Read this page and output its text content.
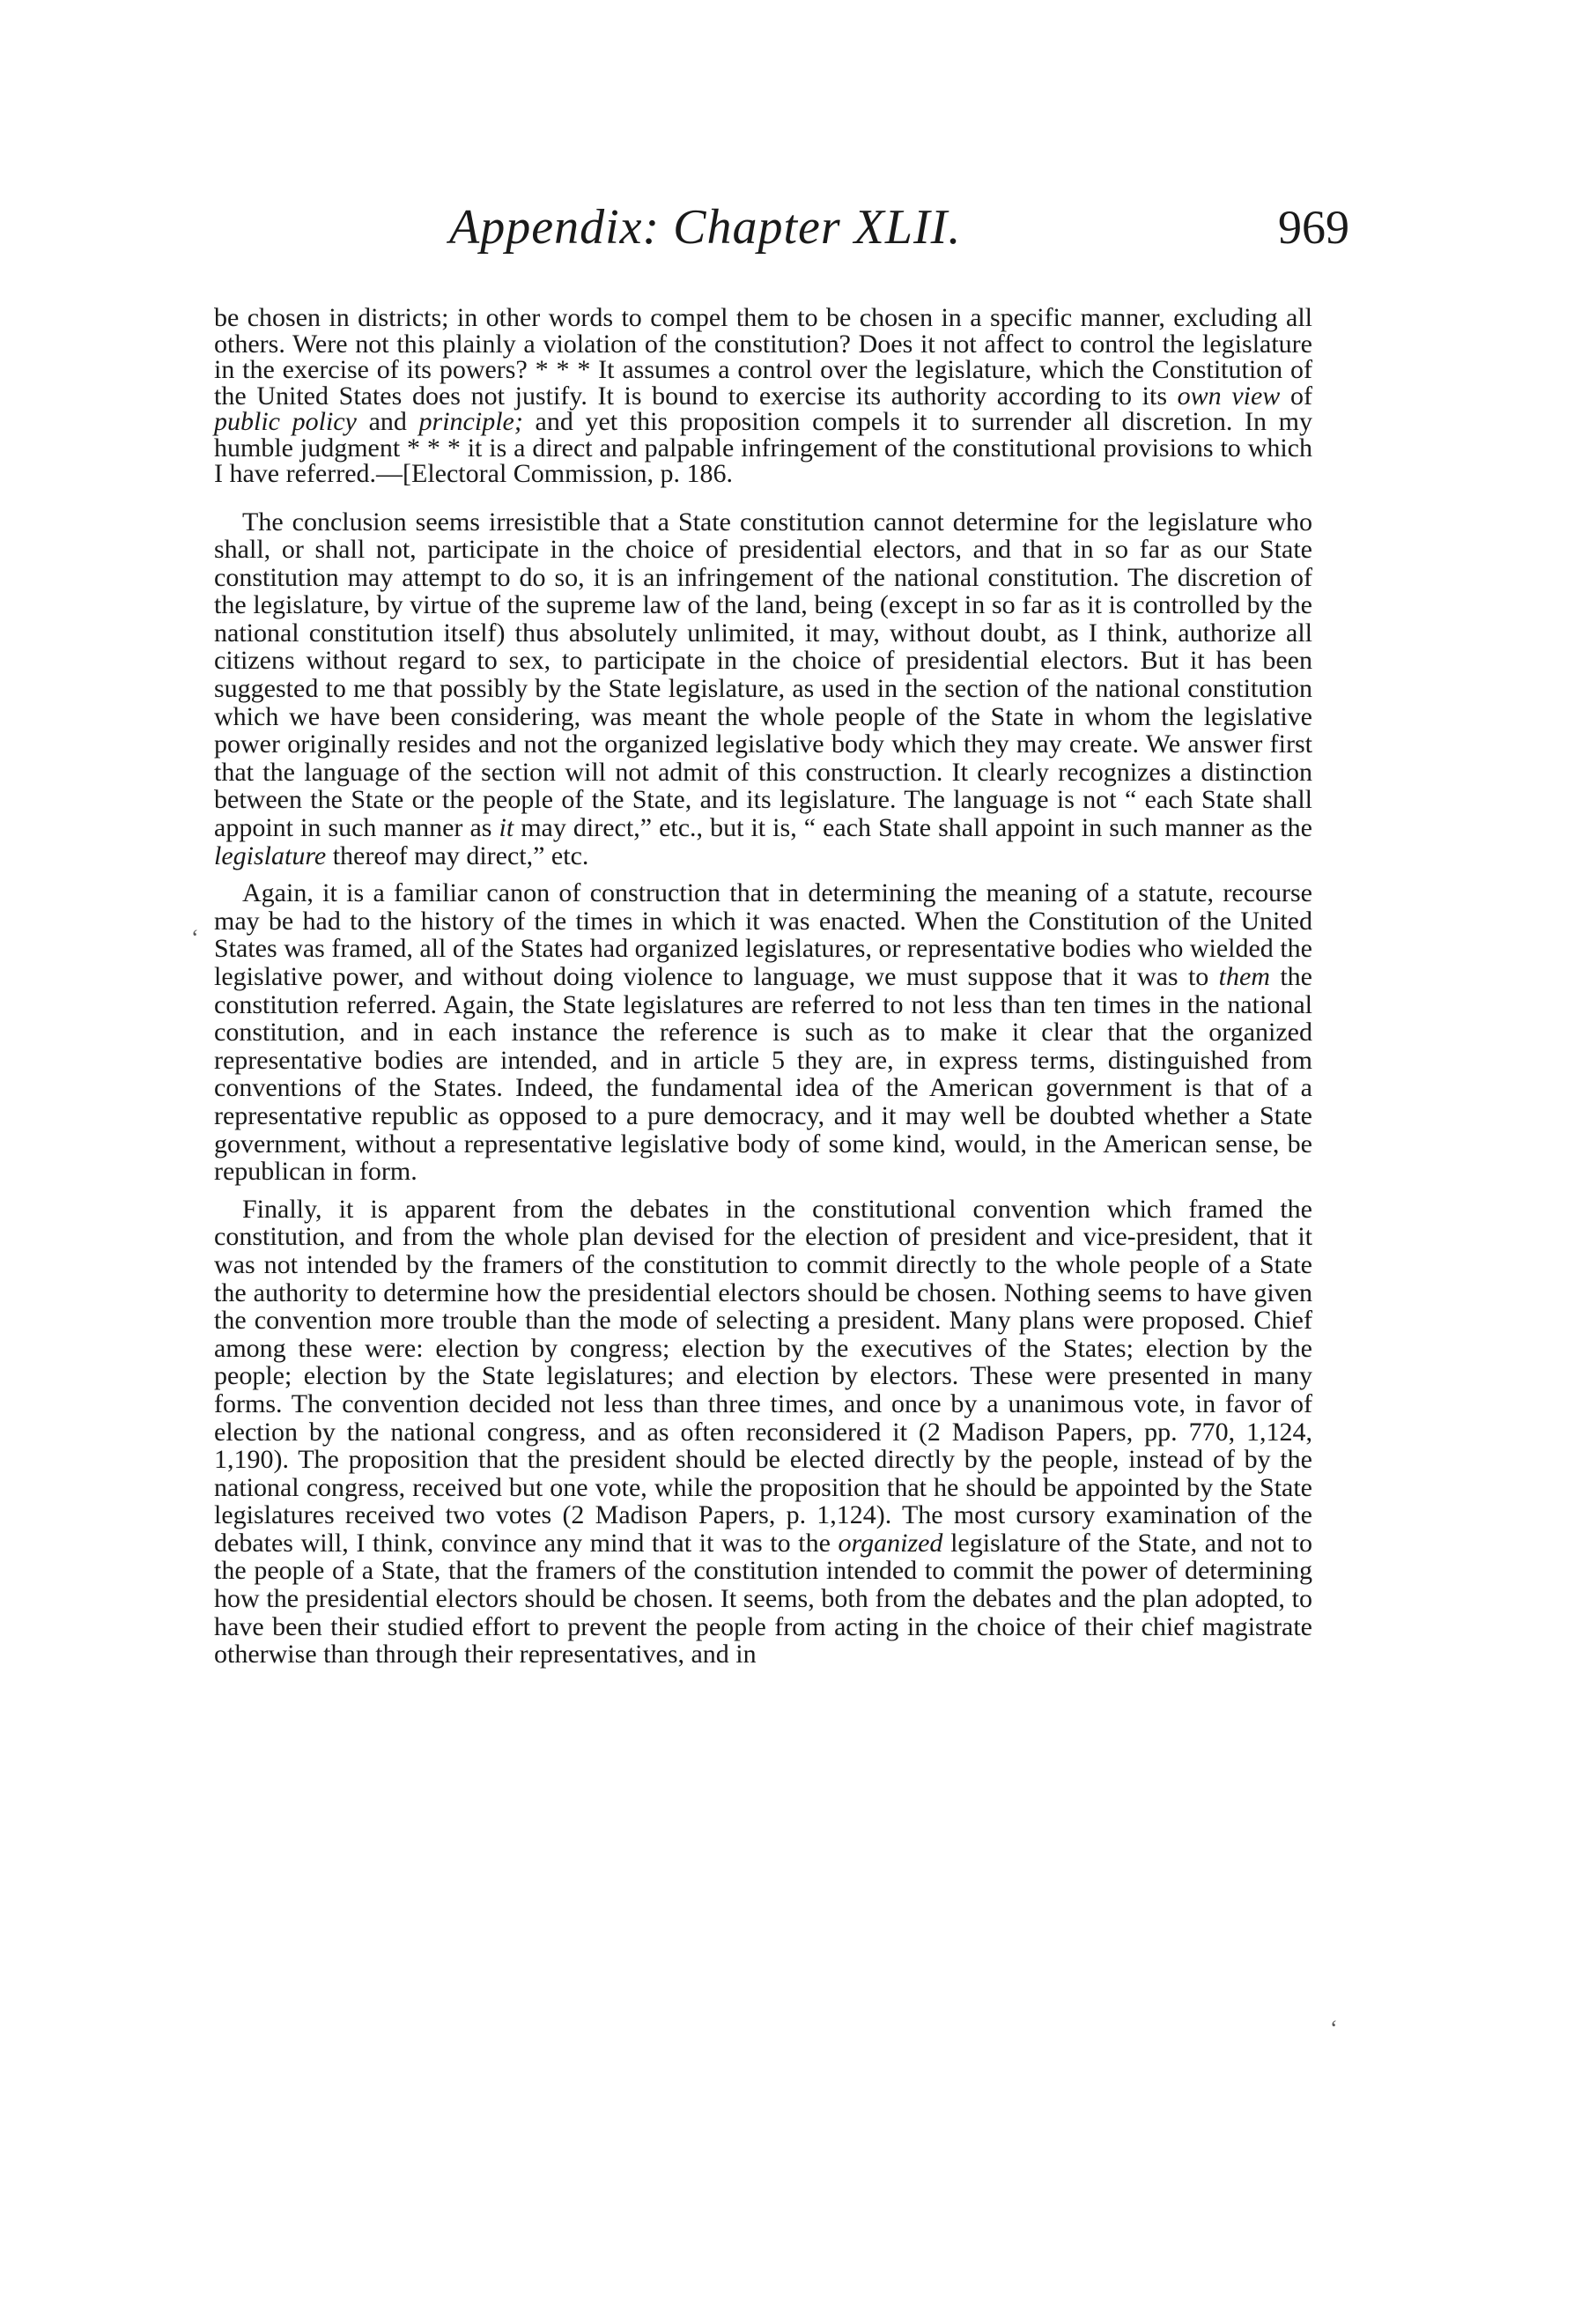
Appendix: Chapter XLII.	969

be chosen in districts; in other words to compel them to be chosen in a specific manner, excluding all others. Were not this plainly a violation of the constitution? Does it not affect to control the legislature in the exercise of its powers? * * * It assumes a control over the legislature, which the Constitution of the United States does not justify. It is bound to exercise its authority according to its own view of public policy and principle; and yet this proposition compels it to surrender all discretion. In my humble judgment * * * it is a direct and palpable infringement of the constitutional provisions to which I have referred.—[Electoral Commission, p. 186.

The conclusion seems irresistible that a State constitution cannot determine for the legislature who shall, or shall not, participate in the choice of presidential electors, and that in so far as our State constitution may attempt to do so, it is an infringement of the national constitution. The discretion of the legislature, by virtue of the supreme law of the land, being (except in so far as it is controlled by the national constitution itself) thus absolutely unlimited, it may, without doubt, as I think, authorize all citizens without regard to sex, to participate in the choice of presidential electors. But it has been suggested to me that possibly by the State legislature, as used in the section of the national constitution which we have been considering, was meant the whole people of the State in whom the legislative power originally resides and not the organized legislative body which they may create. We answer first that the language of the section will not admit of this construction. It clearly recognizes a distinction between the State or the people of the State, and its legislature. The language is not “ each State shall appoint in such manner as it may direct,” etc., but it is, “ each State shall appoint in such manner as the legislature thereof may direct,” etc.

Again, it is a familiar canon of construction that in determining the meaning of a statute, recourse may be had to the history of the times in which it was enacted. When the Constitution of the United States was framed, all of the States had organized legislatures, or representative bodies who wielded the legislative power, and without doing violence to language, we must suppose that it was to them the constitution referred. Again, the State legislatures are referred to not less than ten times in the national constitution, and in each instance the reference is such as to make it clear that the organized representative bodies are intended, and in article 5 they are, in express terms, distinguished from conventions of the States. Indeed, the fundamental idea of the American government is that of a representative republic as opposed to a pure democracy, and it may well be doubted whether a State government, without a representative legislative body of some kind, would, in the American sense, be republican in form.

Finally, it is apparent from the debates in the constitutional convention which framed the constitution, and from the whole plan devised for the election of president and vice-president, that it was not intended by the framers of the constitution to commit directly to the whole people of a State the authority to determine how the presidential electors should be chosen. Nothing seems to have given the convention more trouble than the mode of selecting a president. Many plans were proposed. Chief among these were: election by congress; election by the executives of the States; election by the people; election by the State legislatures; and election by electors. These were presented in many forms. The convention decided not less than three times, and once by a unanimous vote, in favor of election by the national congress, and as often reconsidered it (2 Madison Papers, pp. 770, 1,124, 1,190). The proposition that the president should be elected directly by the people, instead of by the national congress, received but one vote, while the proposition that he should be appointed by the State legislatures received two votes (2 Madison Papers, p. 1,124). The most cursory examination of the debates will, I think, convince any mind that it was to the organized legislature of the State, and not to the people of a State, that the framers of the constitution intended to commit the power of determining how the presidential electors should be chosen. It seems, both from the debates and the plan adopted, to have been their studied effort to prevent the people from acting in the choice of their chief magistrate otherwise than through their representatives, and in

‘
‘
